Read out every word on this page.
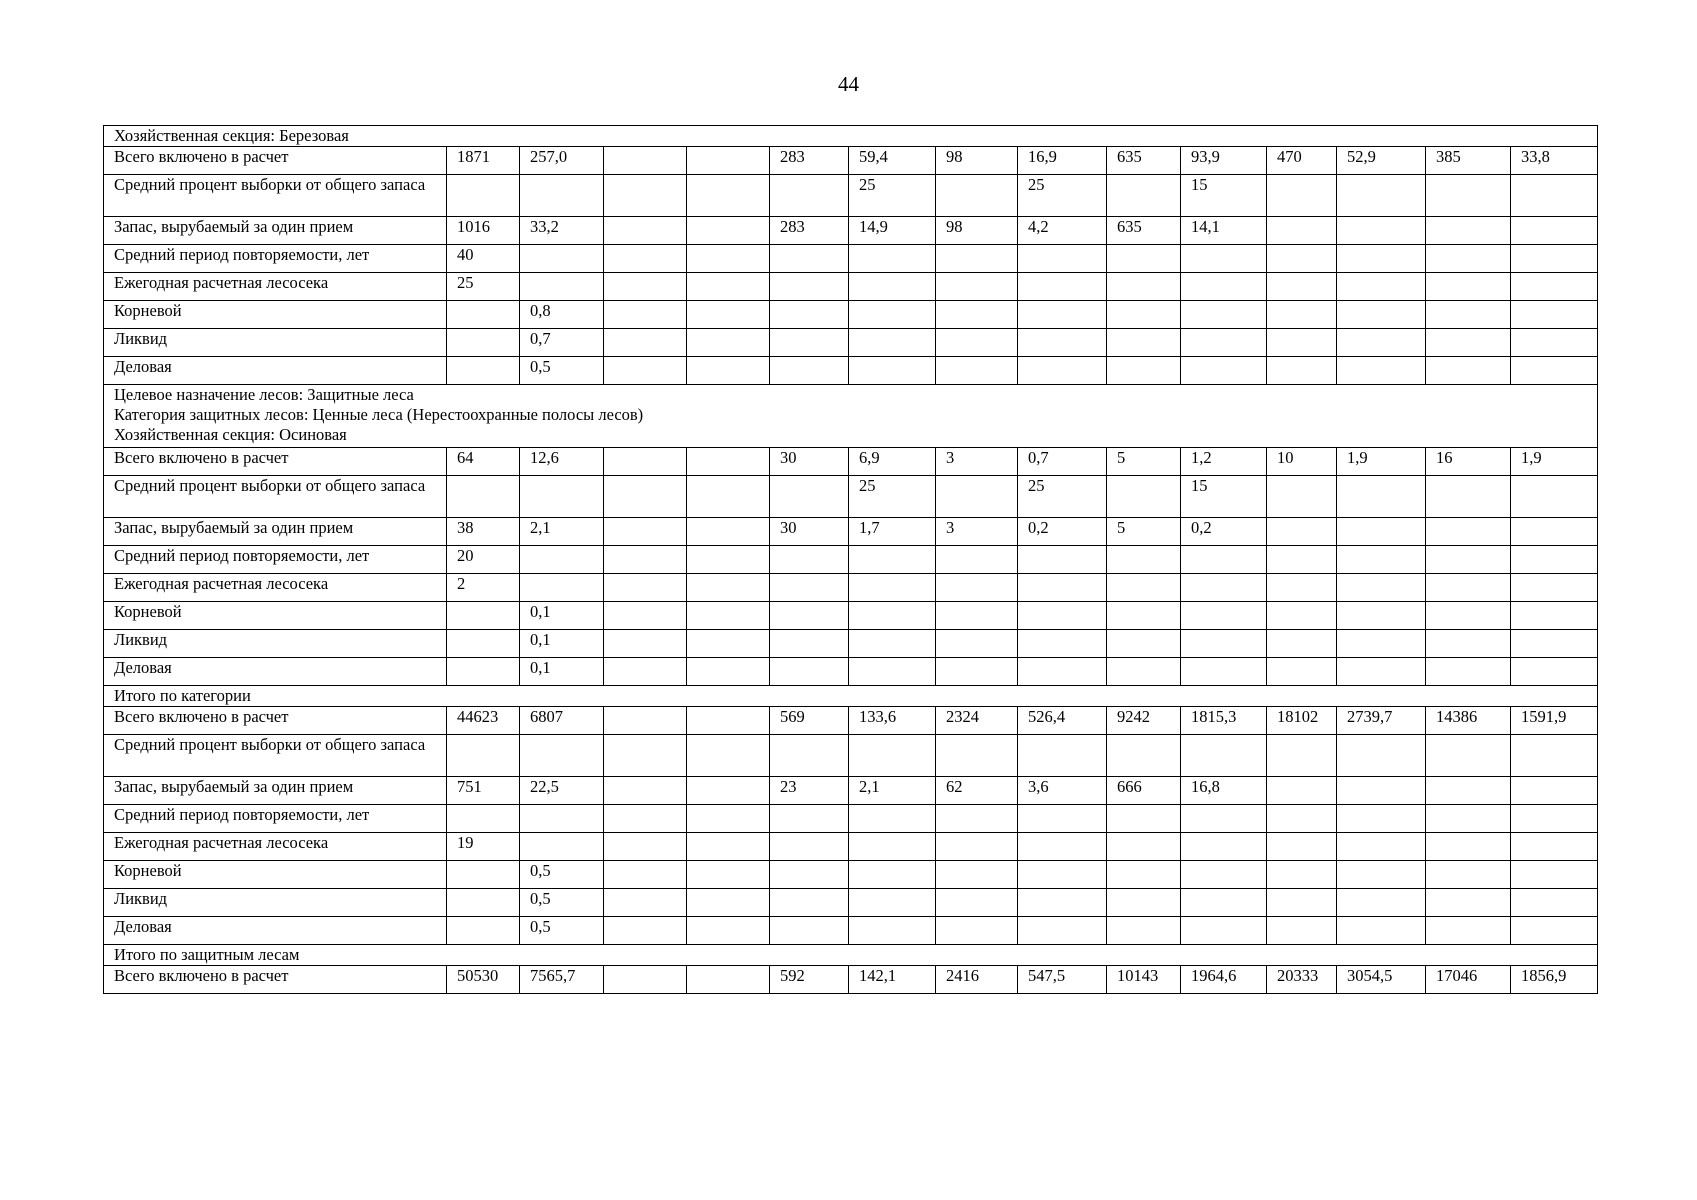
44
Хозяйственная секция: Березовая														

Всего включено в расчет	1871	257,0			283	59,4	98	16,9	635	93,9	470	52,9	385	33,8
Средний процент выборки от общего запаса						25		25		15				
Запас, вырубаемый за один прием	1016	33,2			283	14,9	98	4,2	635	14,1				
Средний период повторяемости, лет	40													
Ежегодная расчетная лесосека	25													
Корневой		0,8												
Ликвид		0,7												
Деловая		0,5												

Целевое назначение лесов: Защитные леса
Категория защитных лесов: Ценные леса (Нерестоохранные полосы лесов)
Хозяйственная секция: Осиновая														

Всего включено в расчет	64	12,6			30	6,9	3	0,7	5	1,2	10	1,9	16	1,9
Средний процент выборки от общего запаса						25		25		15				
Запас, вырубаемый за один прием	38	2,1			30	1,7	3	0,2	5	0,2				
Средний период повторяемости, лет	20													
Ежегодная расчетная лесосека	2													
Корневой		0,1												
Ликвид		0,1												
Деловая		0,1												

Итого по категории														

Всего включено в расчет	44623	6807			569	133,6	2324	526,4	9242	1815,3	18102	2739,7	14386	1591,9
Средний процент выборки от общего запаса														
Запас, вырубаемый за один прием	751	22,5			23	2,1	62	3,6	666	16,8				
Средний период повторяемости, лет														
Ежегодная расчетная лесосека	19													
Корневой		0,5												
Ликвид		0,5												
Деловая		0,5												

Итого по защитным лесам														

Всего включено в расчет	50530	7565,7			592	142,1	2416	547,5	10143	1964,6	20333	3054,5	17046	1856,9
